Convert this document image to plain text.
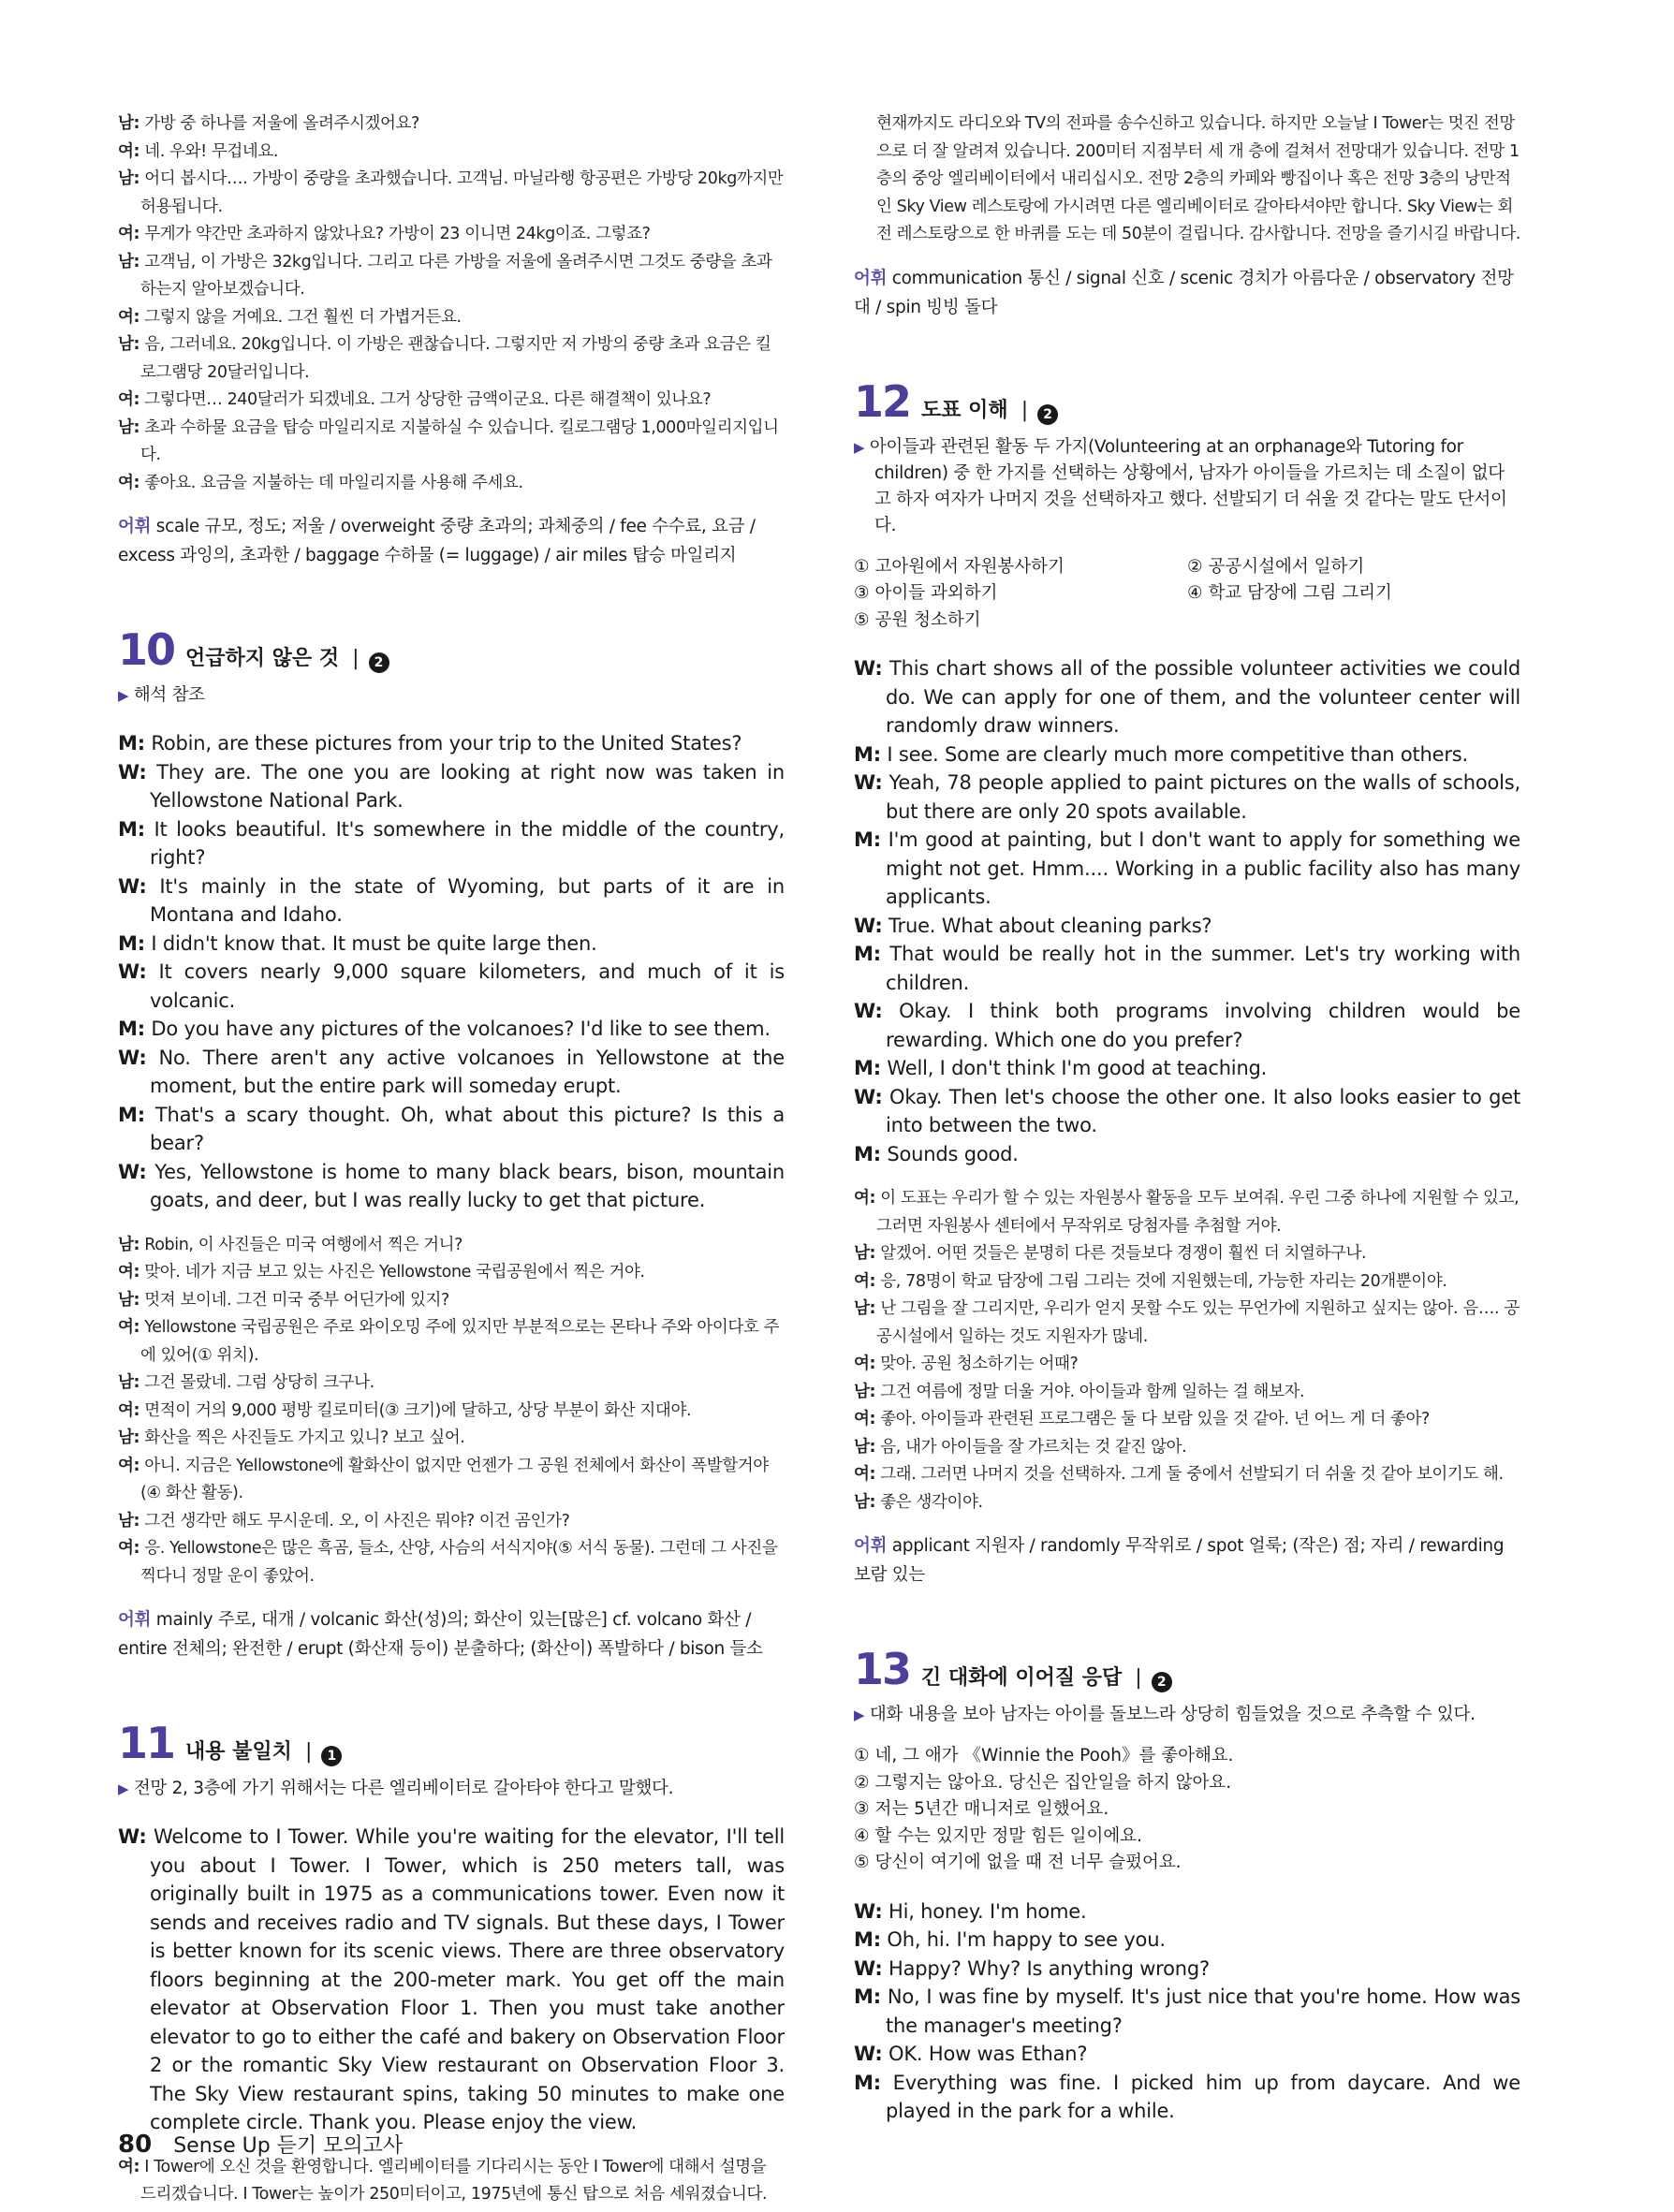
남: 가방 중 하나를 저울에 올려주시겠어요?
여: 네. 우와! 무겁네요.
남: 어디 봅시다…. 가방이 중량을 초과했습니다. 고객님. 마닐라행 항공편은 가방당 20kg까지만 허용됩니다.
여: 무게가 약간만 초과하지 않았나요? 가방이 23 이니면 24kg이죠. 그렇죠?
남: 고객님, 이 가방은 32kg입니다. 그리고 다른 가방을 저울에 올려주시면 그것도 중량을 초과하는지 알아보겠습니다.
여: 그렇지 않을 거예요. 그건 훨씬 더 가볍거든요.
남: 음, 그러네요. 20kg입니다. 이 가방은 괜찮습니다. 그렇지만 저 가방의 중량 초과 요금은 킬로그램당 20달러입니다.
여: 그렇다면… 240달러가 되겠네요. 그거 상당한 금액이군요. 다른 해결책이 있나요?
남: 초과 수하물 요금을 탑승 마일리지로 지불하실 수 있습니다. 킬로그램당 1,000마일리지입니다.
여: 좋아요. 요금을 지불하는 데 마일리지를 사용해 주세요.
어휘 scale 규모, 정도; 저울 / overweight 중량 초과의; 과체중의 / fee 수수료, 요금 / excess 과잉의, 초과한 / baggage 수하물 (= luggage) / air miles 탑승 마일리지
10 언급하지 않은 것 |	2
▶ 해석 참조
M: Robin, are these pictures from your trip to the United States?
W: They are. The one you are looking at right now was taken in Yellowstone National Park.
M: It looks beautiful. It's somewhere in the middle of the country, right?
W: It's mainly in the state of Wyoming, but parts of it are in Montana and Idaho.
M: I didn't know that. It must be quite large then.
W: It covers nearly 9,000 square kilometers, and much of it is volcanic.
M: Do you have any pictures of the volcanoes? I'd like to see them.
W: No. There aren't any active volcanoes in Yellowstone at the moment, but the entire park will someday erupt.
M: That's a scary thought. Oh, what about this picture? Is this a bear?
W: Yes, Yellowstone is home to many black bears, bison, mountain goats, and deer, but I was really lucky to get that picture.
남: Robin, 이 사진들은 미국 여행에서 찍은 거니?
여: 맞아. 네가 지금 보고 있는 사진은 Yellowstone 국립공원에서 찍은 거야.
남: 멋져 보이네. 그건 미국 중부 어딘가에 있지?
여: Yellowstone 국립공원은 주로 와이오밍 주에 있지만 부분적으로는 몬타나 주와 아이다호 주에 있어(① 위치).
남: 그건 몰랐네. 그럼 상당히 크구나.
여: 면적이 거의 9,000 평방 킬로미터(③ 크기)에 달하고, 상당 부분이 화산 지대야.
남: 화산을 찍은 사진들도 가지고 있니? 보고 싶어.
여: 아니. 지금은 Yellowstone에 활화산이 없지만 언젠가 그 공원 전체에서 화산이 폭발할거야(④ 화산 활동).
남: 그건 생각만 해도 무시운데. 오, 이 사진은 뭐야? 이건 곰인가?
여: 응. Yellowstone은 많은 흑곰, 들소, 산양, 사슴의 서식지야(⑤ 서식 동물). 그런데 그 사진을 찍다니 정말 운이 좋았어.
어휘 mainly 주로, 대개 / volcanic 화산(성)의; 화산이 있는[많은] cf. volcano 화산 / entire 전체의; 완전한 / erupt (화산재 등이) 분출하다; (화산이) 폭발하다 / bison 들소
11 내용 불일치 |	1
▶ 전망 2, 3층에 가기 위해서는 다른 엘리베이터로 갈아타야 한다고 말했다.
W: Welcome to I Tower. While you're waiting for the elevator, I'll tell you about I Tower. I Tower, which is 250 meters tall, was originally built in 1975 as a communications tower. Even now it sends and receives radio and TV signals. But these days, I Tower is better known for its scenic views. There are three observatory floors beginning at the 200-meter mark. You get off the main elevator at Observation Floor 1. Then you must take another elevator to go to either the café and bakery on Observation Floor 2 or the romantic Sky View restaurant on Observation Floor 3. The Sky View restaurant spins, taking 50 minutes to make one complete circle. Thank you. Please enjoy the view.
여: I Tower에 오신 것을 환영합니다. 엘리베이터를 기다리시는 동안 I Tower에 대해서 설명을 드리겠습니다. I Tower는 높이가 250미터이고, 1975년에 통신 탑으로 처음 세워졌습니다.
현재까지도 라디오와 TV의 전파를 송수신하고 있습니다. 하지만 오늘날 I Tower는 멋진 전망으로 더 잘 알려져 있습니다. 200미터 지점부터 세 개 층에 걸쳐서 전망대가 있습니다. 전망 1층의 중앙 엘리베이터에서 내리십시오. 전망 2층의 카페와 빵집이나 혹은 전망 3층의 낭만적인 Sky View 레스토랑에 가시려면 다른 엘리베이터로 갈아타셔야만 합니다. Sky View는 회전 레스토랑으로 한 바퀴를 도는 데 50분이 걸립니다. 감사합니다. 전망을 즐기시길 바랍니다.
어휘 communication 통신 / signal 신호 / scenic 경치가 아름다운 / observatory 전망대 / spin 빙빙 돌다
12 도표 이해 |	2
▶ 아이들과 관련된 활동 두 가지(Volunteering at an orphanage와 Tutoring for children) 중 한 가지를 선택하는 상황에서, 남자가 아이들을 가르치는 데 소질이 없다고 하자 여자가 나머지 것을 선택하자고 했다. 선발되기 더 쉬울 것 같다는 말도 단서이다.
① 고아원에서 자원봉사하기	② 공공시설에서 일하기
③ 아이들 과외하기	④ 학교 담장에 그림 그리기
⑤ 공원 청소하기
W: This chart shows all of the possible volunteer activities we could do. We can apply for one of them, and the volunteer center will randomly draw winners.
M: I see. Some are clearly much more competitive than others.
W: Yeah, 78 people applied to paint pictures on the walls of schools, but there are only 20 spots available.
M: I'm good at painting, but I don't want to apply for something we might not get. Hmm.... Working in a public facility also has many applicants.
W: True. What about cleaning parks?
M: That would be really hot in the summer. Let's try working with children.
W: Okay. I think both programs involving children would be rewarding. Which one do you prefer?
M: Well, I don't think I'm good at teaching.
W: Okay. Then let's choose the other one. It also looks easier to get into between the two.
M: Sounds good.
여: 이 도표는 우리가 할 수 있는 자원봉사 활동을 모두 보여줘. 우린 그중 하나에 지원할 수 있고, 그러면 자원봉사 센터에서 무작위로 당첨자를 추첨할 거야.
남: 알겠어. 어떤 것들은 분명히 다른 것들보다 경쟁이 훨씬 더 치열하구나.
여: 응, 78명이 학교 담장에 그림 그리는 것에 지원했는데, 가능한 자리는 20개뿐이야.
남: 난 그림을 잘 그리지만, 우리가 얻지 못할 수도 있는 무언가에 지원하고 싶지는 않아. 음…. 공공시설에서 일하는 것도 지원자가 많네.
여: 맞아. 공원 청소하기는 어때?
남: 그건 여름에 정말 더울 거야. 아이들과 함께 일하는 걸 해보자.
여: 좋아. 아이들과 관련된 프로그램은 둘 다 보람 있을 것 같아. 넌 어느 게 더 좋아?
남: 음, 내가 아이들을 잘 가르치는 것 같진 않아.
여: 그래. 그러면 나머지 것을 선택하자. 그게 둘 중에서 선발되기 더 쉬울 것 같아 보이기도 해.
남: 좋은 생각이야.
어휘 applicant 지원자 / randomly 무작위로 / spot 얼룩; (작은) 점; 자리 / rewarding 보람 있는
13 긴 대화에 이어질 응답 |	2
▶ 대화 내용을 보아 남자는 아이를 돌보느라 상당히 힘들었을 것으로 추측할 수 있다.
① 네, 그 애가 《Winnie the Pooh》를 좋아해요.
② 그렇지는 않아요. 당신은 집안일을 하지 않아요.
③ 저는 5년간 매니저로 일했어요.
④ 할 수는 있지만 정말 힘든 일이에요.
⑤ 당신이 여기에 없을 때 전 너무 슬펐어요.
W: Hi, honey. I'm home.
M: Oh, hi. I'm happy to see you.
W: Happy? Why? Is anything wrong?
M: No, I was fine by myself. It's just nice that you're home. How was the manager's meeting?
W: OK. How was Ethan?
M: Everything was fine. I picked him up from daycare. And we played in the park for a while.
80 Sense Up 듣기 모의고사
